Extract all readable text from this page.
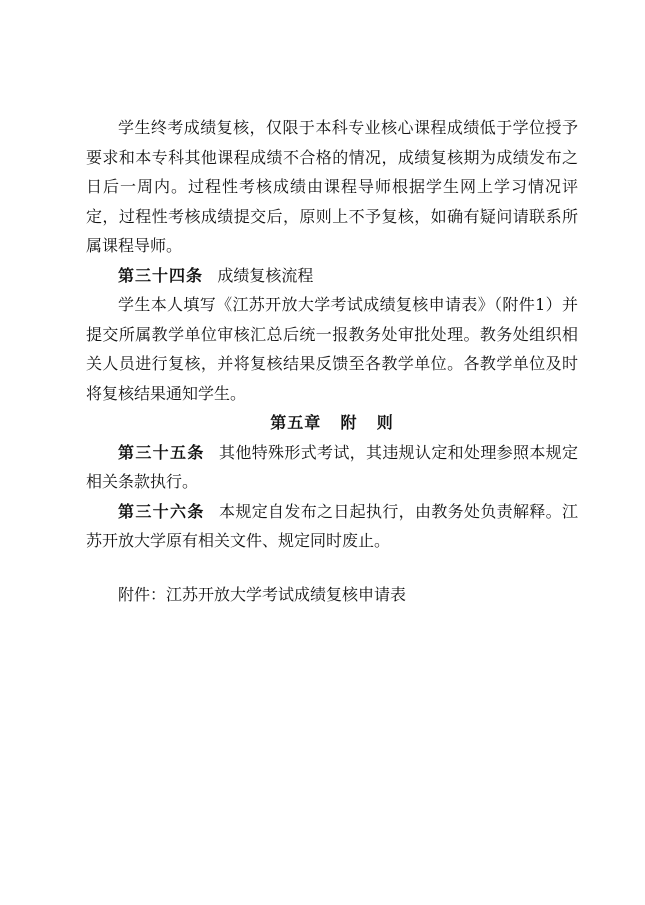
学生终考成绩复核，仅限于本科专业核心课程成绩低于学位授予要求和本专科其他课程成绩不合格的情况，成绩复核期为成绩发布之日后一周内。过程性考核成绩由课程导师根据学生网上学习情况评定，过程性考核成绩提交后，原则上不予复核，如确有疑问请联系所属课程导师。

第三十四条 成绩复核流程

学生本人填写《江苏开放大学考试成绩复核申请表》（附件1）并提交所属教学单位审核汇总后统一报教务处审批处理。教务处组织相关人员进行复核，并将复核结果反馈至各教学单位。各教学单位及时将复核结果通知学生。

第五章 附 则

第三十五条 其他特殊形式考试，其违规认定和处理参照本规定相关条款执行。

第三十六条 本规定自发布之日起执行，由教务处负责解释。江苏开放大学原有相关文件、规定同时废止。

附件：江苏开放大学考试成绩复核申请表
